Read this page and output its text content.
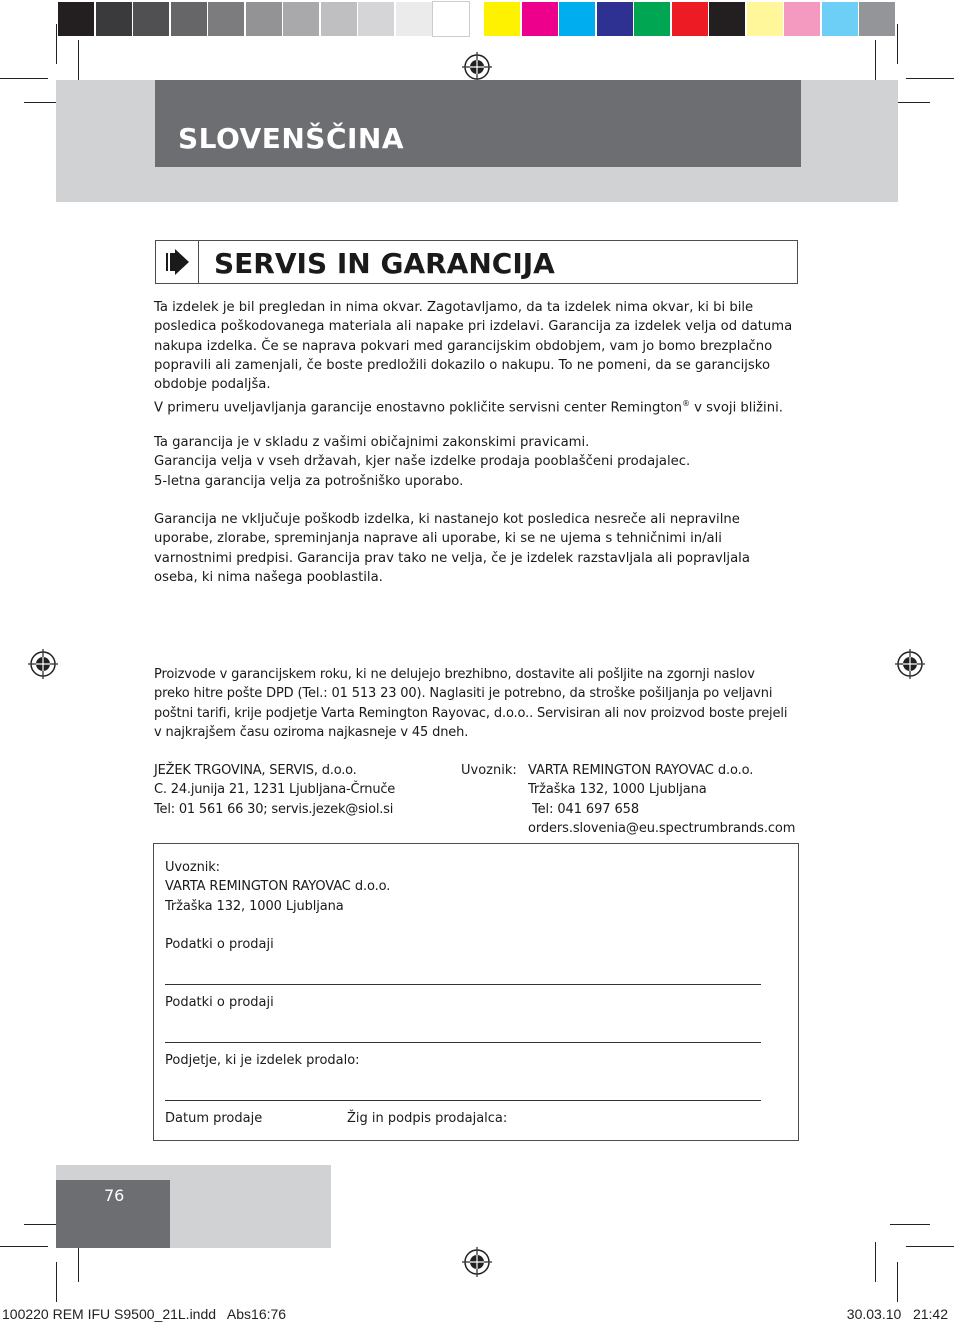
SLOVENŠČINA
SERVIS IN GARANCIJA

Ta izdelek je bil pregledan in nima okvar. Zagotavljamo, da ta izdelek nima okvar, ki bi bile

posledica poškodovanega materiala ali napake pri izdelavi. Garancija za izdelek velja od datuma

nakupa izdelka. Če se naprava pokvari med garancijskim obdobjem, vam jo bomo brezplačno

popravili ali zamenjali, če boste predložili dokazilo o nakupu. To ne pomeni, da se garancijsko

obdobje podaljša.

V primeru uveljavljanja garancije enostavno pokličite servisni center Remington® v svoji bližini.

Ta garancija je v skladu z vašimi običajnimi zakonskimi pravicami.

Garancija velja v vseh državah, kjer naše izdelke prodaja pooblaščeni prodajalec.

5-letna garancija velja za potrošniško uporabo.

Garancija ne vključuje poškodb izdelka, ki nastanejo kot posledica nesreče ali nepravilne

uporabe, zlorabe, spreminjanja naprave ali uporabe, ki se ne ujema s tehničnimi in/ali

varnostnimi predpisi. Garancija prav tako ne velja, če je izdelek razstavljala ali popravljala

oseba, ki nima našega pooblastila.

Proizvode v garancijskem roku, ki ne delujejo brezhibno, dostavite ali pošljite na zgornji naslov

preko hitre pošte DPD (Tel.: 01 513 23 00). Naglasiti je potrebno, da stroške pošiljanja po veljavni

poštni tarifi, krije podjetje Varta Remington Rayovac, d.o.o.. Servisiran ali nov proizvod boste prejeli

v najkrajšem času oziroma najkasneje v 45 dneh.

JEŽEK TRGOVINA, SERVIS, d.o.o.

C. 24.junija 21, 1231 Ljubljana-Črnuče

Tel: 01 561 66 30; servis.jezek@siol.si

Uvoznik: VARTA REMINGTON RAYOVAC d.o.o.

Tržaška 132, 1000 Ljubljana

Tel: 041 697 658

orders.slovenia@eu.spectrumbrands.com

Uvoznik:

VARTA REMINGTON RAYOVAC d.o.o.

Tržaška 132, 1000 Ljubljana

Podatki o prodaji
Podatki o prodaji
Podjetje, ki je izdelek prodalo:
Datum prodaje	Žig in podpis prodajalca:
76
100220 REM IFU S9500_21L.indd   Abs16:76	30.03.10   21:42
